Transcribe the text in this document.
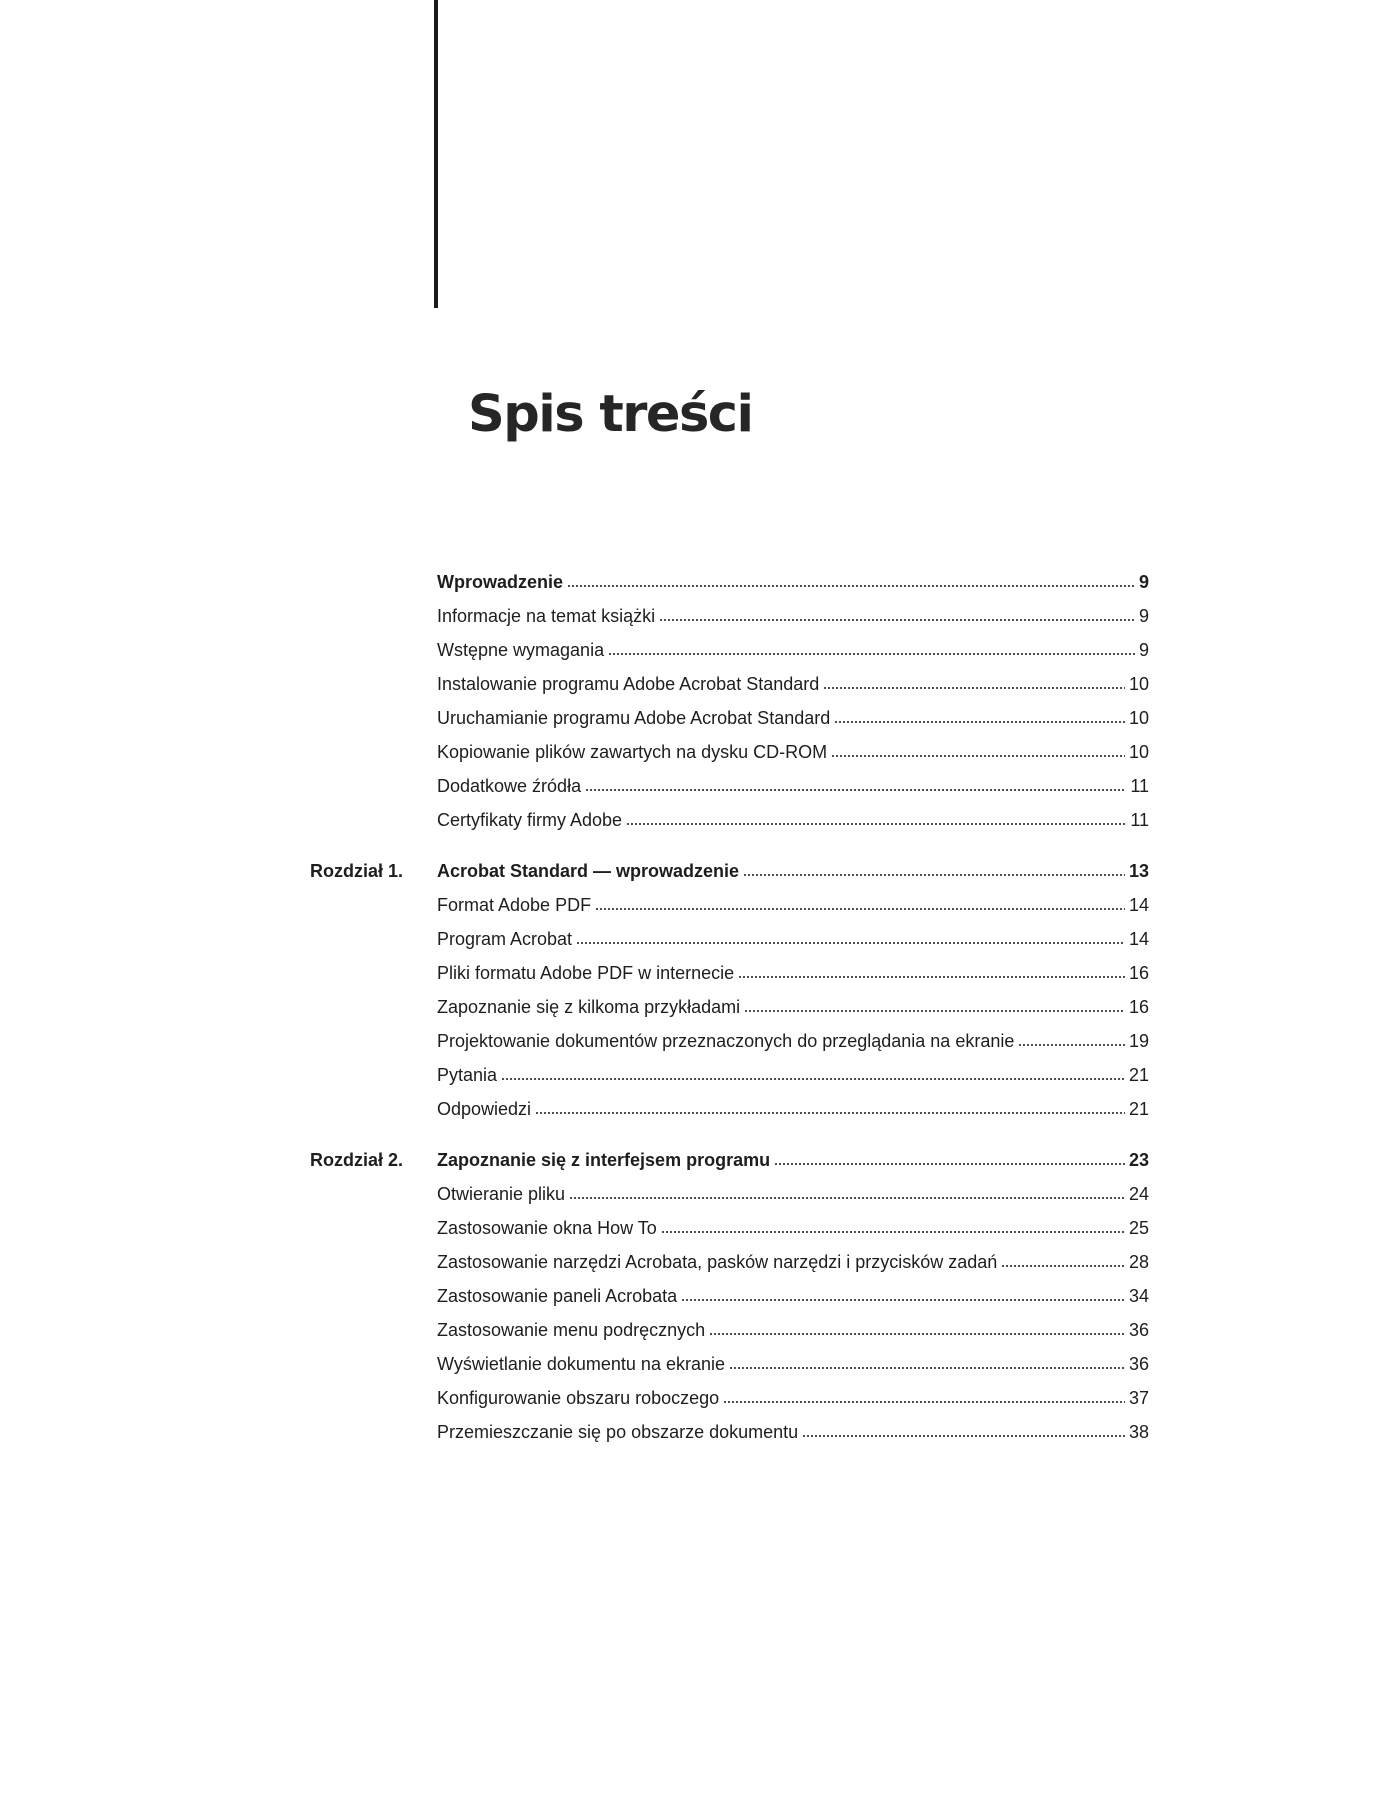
Spis treści
Wprowadzenie	9
Informacje na temat książki	9
Wstępne wymagania	9
Instalowanie programu Adobe Acrobat Standard	10
Uruchamianie programu Adobe Acrobat Standard	10
Kopiowanie plików zawartych na dysku CD-ROM	10
Dodatkowe źródła	11
Certyfikaty firmy Adobe	11
Rozdział 1. Acrobat Standard — wprowadzenie	13
Format Adobe PDF	14
Program Acrobat	14
Pliki formatu Adobe PDF w internecie	16
Zapoznanie się z kilkoma przykładami	16
Projektowanie dokumentów przeznaczonych do przeglądania na ekranie	19
Pytania	21
Odpowiedzi	21
Rozdział 2. Zapoznanie się z interfejsem programu	23
Otwieranie pliku	24
Zastosowanie okna How To	25
Zastosowanie narzędzi Acrobata, pasków narzędzi i przycisków zadań	28
Zastosowanie paneli Acrobata	34
Zastosowanie menu podręcznych	36
Wyświetlanie dokumentu na ekranie	36
Konfigurowanie obszaru roboczego	37
Przemieszczanie się po obszarze dokumentu	38
